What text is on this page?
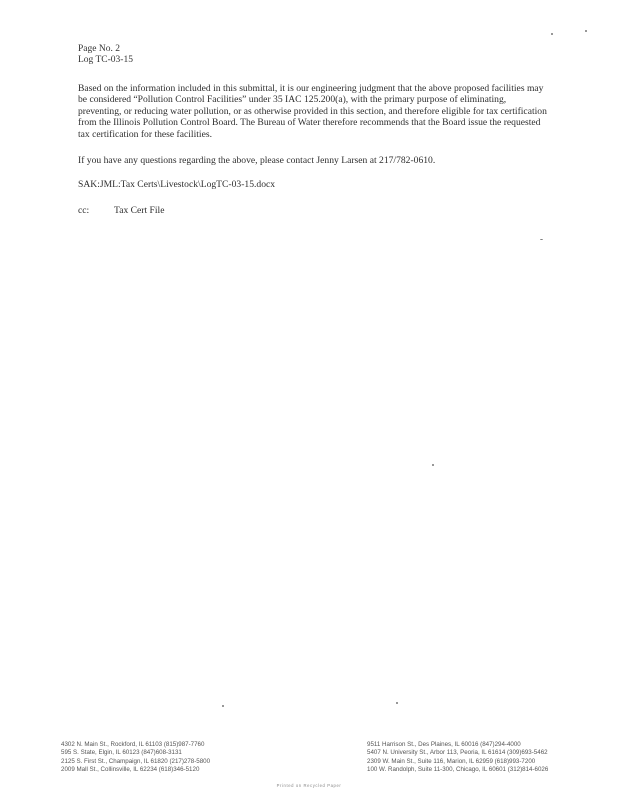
Page No. 2
Log TC-03-15
Based on the information included in this submittal, it is our engineering judgment that the above proposed facilities may be considered “Pollution Control Facilities” under 35 IAC 125.200(a), with the primary purpose of eliminating, preventing, or reducing water pollution, or as otherwise provided in this section, and therefore eligible for tax certification from the Illinois Pollution Control Board. The Bureau of Water therefore recommends that the Board issue the requested tax certification for these facilities.
If you have any questions regarding the above, please contact Jenny Larsen at 217/782-0610.
SAK:JML:Tax Certs\Livestock\LogTC-03-15.docx
cc:	Tax Cert File
4302 N. Main St., Rockford, IL 61103 (815)987-7760
595 S. State, Elgin, IL 60123 (847)608-3131
2125 S. First St., Champaign, IL 61820 (217)278-5800
2009 Mall St., Collinsville, IL 62234 (618)346-5120
9511 Harrison St., Des Plaines, IL 60016 (847)294-4000
5407 N. University St., Arbor 113, Peoria, IL 61614 (309)693-5462
2309 W. Main St., Suite 116, Marion, IL 62959 (618)993-7200
100 W. Randolph, Suite 11-300, Chicago, IL 60601 (312)814-6026
Printed on Recycled Paper
